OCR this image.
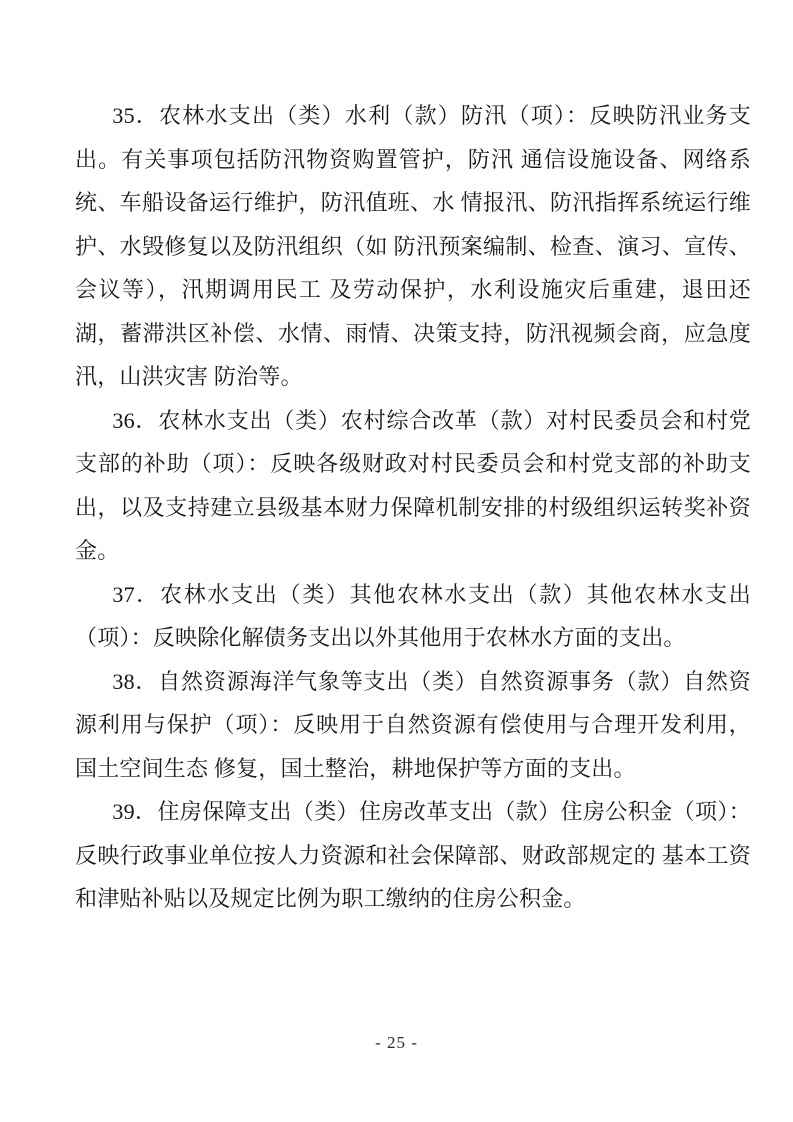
35．农林水支出（类）水利（款）防汛（项）：反映防汛业务支出。有关事项包括防汛物资购置管护，防汛 通信设施设备、网络系统、车船设备运行维护，防汛值班、水 情报汛、防汛指挥系统运行维护、水毁修复以及防汛组织（如 防汛预案编制、检查、演习、宣传、会议等），汛期调用民工 及劳动保护，水利设施灾后重建，退田还湖，蓄滞洪区补偿、水情、雨情、决策支持，防汛视频会商，应急度汛，山洪灾害 防治等。

36．农林水支出（类）农村综合改革（款）对村民委员会和村党支部的补助（项）：反映各级财政对村民委员会和村党支部的补助支出，以及支持建立县级基本财力保障机制安排的村级组织运转奖补资金。

37．农林水支出（类）其他农林水支出（款）其他农林水支出（项）：反映除化解债务支出以外其他用于农林水方面的支出。

38．自然资源海洋气象等支出（类）自然资源事务（款）自然资源利用与保护（项）：反映用于自然资源有偿使用与合理开发利用，国土空间生态 修复，国土整治，耕地保护等方面的支出。

39．住房保障支出（类）住房改革支出（款）住房公积金（项）：反映行政事业单位按人力资源和社会保障部、财政部规定的 基本工资和津贴补贴以及规定比例为职工缴纳的住房公积金。

- 25 -
